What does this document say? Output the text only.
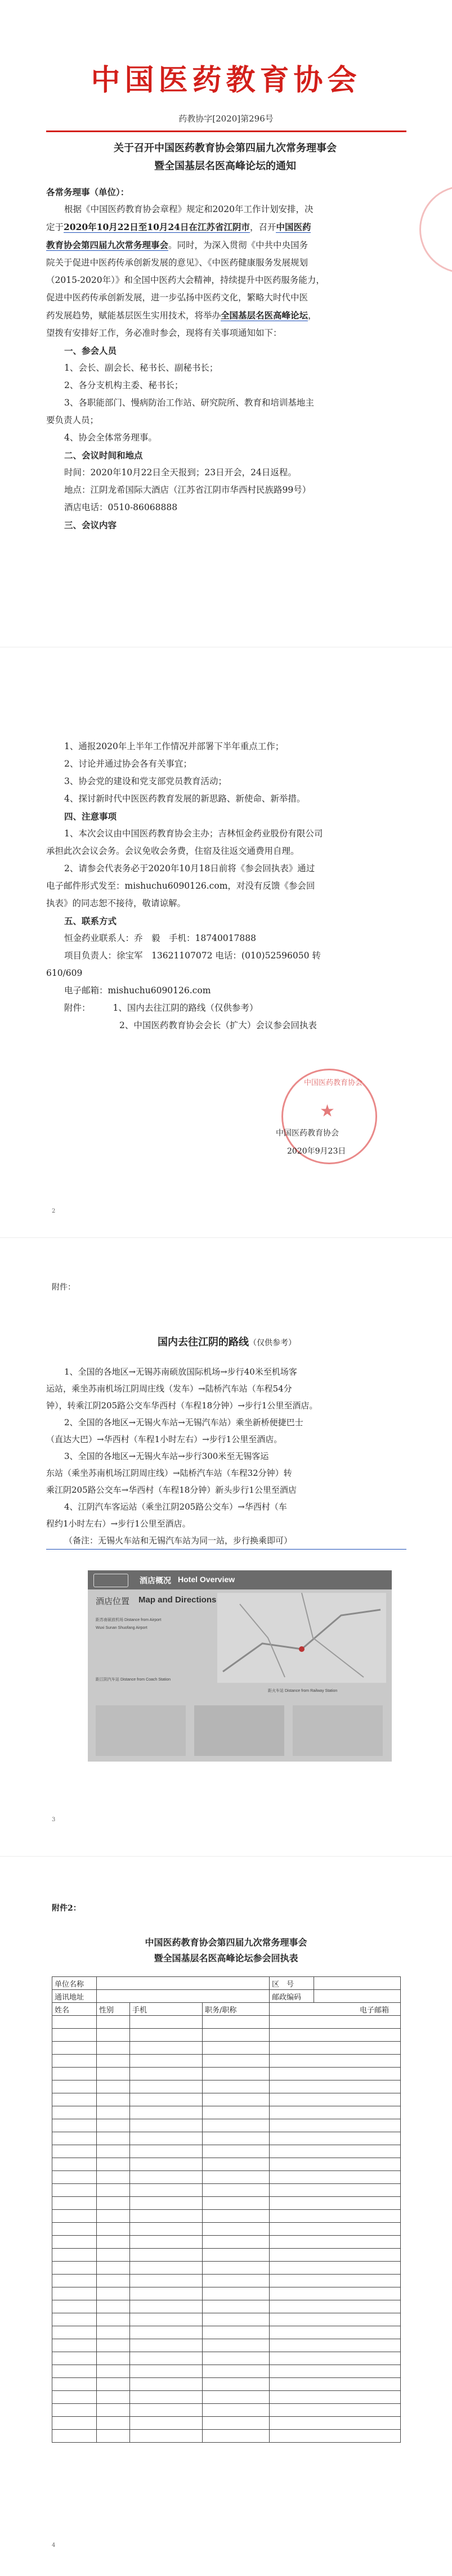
中国医药教育协会
药教协字[2020]第296号
关于召开中国医药教育协会第四届九次常务理事会
暨全国基层名医高峰论坛的通知
各常务理事（单位）：
根据《中国医药教育协会章程》规定和2020年工作计划安排，决
定于2020年10月22日至10月24日在江苏省江阴市，召开中国医药
教育协会第四届九次常务理事会。同时，为深入贯彻《中共中央国务
院关于促进中医药传承创新发展的意见》、《中医药健康服务发展规划
（2015-2020年）》和全国中医药大会精神，持续提升中医药服务能力，
促进中医药传承创新发展，进一步弘扬中医药文化，繁略大时代中医
药发展趋势，赋能基层医生实用技术，将举办全国基层名医高峰论坛，
望拨有安排好工作，务必准时参会，现将有关事项通知如下：
一、参会人员
1、会长、副会长、秘书长、副秘书长；
2、各分支机构主委、秘书长；
3、各职能部门、慢病防治工作站、研究院所、教育和培训基地主
要负责人员；
4、协会全体常务理事。
二、会议时间和地点
时间：2020年10月22日全天报到；23日开会，24日返程。
地点：江阴龙希国际大酒店（江苏省江阴市华西村民族路99号）
酒店电话：0510-86068888
三、会议内容
1、通报2020年上半年工作情况并部署下半年重点工作；
2、讨论并通过协会各有关事宜；
3、协会党的建设和党支部党员教育活动；
4、探讨新时代中医医药教育发展的新思路、新使命、新举措。
四、注意事项
1、本次会议由中国医药教育协会主办；吉林恒金药业股份有限公司
承担此次会议会务。会议免收会务费，住宿及往返交通费用自理。
2、请参会代表务必于2020年10月18日前将《参会回执表》通过
电子邮件形式发至：mishuchu6090126.com，对没有反馈《参会回
执表》的同志恕不接待，敬请谅解。
五、联系方式
恒金药业联系人：乔　毅　手机：18740017888
项目负责人：徐宝军　13621107072 电话：(010)52596050 转
610/609
电子邮箱：mishuchu6090126.com
附件：	1、国内去往江阴的路线（仅供参考）
2、中国医药教育协会会长（扩大）会议参会回执表
★
中国医药教育协会
中国医药教育协会
2020年9月23日
2
附件：
国内去往江阴的路线（仅供参考）
1、全国的各地区→无锡苏南硕放国际机场→步行40米至机场客
运站，乘坐苏南机场江阴周庄线（发车）→陆桥汽车站（车程54分
钟），转乘江阴205路公交车华西村（车程18分钟）→步行1公里至酒店。
2、全国的各地区→无锡火车站→无锡汽车站）乘坐新桥便捷巴士
（直达大巴）→华西村（车程1小时左右）→步行1公里至酒店。
3、全国的各地区→无锡火车站→步行300米至无锡客运
东站（乘坐苏南机场江阴周庄线）→陆桥汽车站（车程32分钟）转
乘江阴205路公交车→华西村（车程18分钟）新头步行1公里至酒店
4、江阴汽车客运站（乘坐江阴205路公交车）→华西村（车
程约1小时左右）→步行1公里至酒店。
（备注：无锡火车站和无锡汽车站为同一站，步行换乘即可）
酒店概况 Hotel Overview
酒店位置 Map and Directions
距苏南硕放机场 Distance from Airport
Wuxi Sunan Shuofang Airport
距江阴汽车站 Distance from Coach Station
距火车站 Distance from Railway Station
3
附件2：
中国医药教育协会第四届九次常务理事会
暨全国基层名医高峰论坛参会回执表
单位名称				区　号	
通讯地址				邮政编码	
姓名	性别	手机	职务/职称	电子邮箱	

4
